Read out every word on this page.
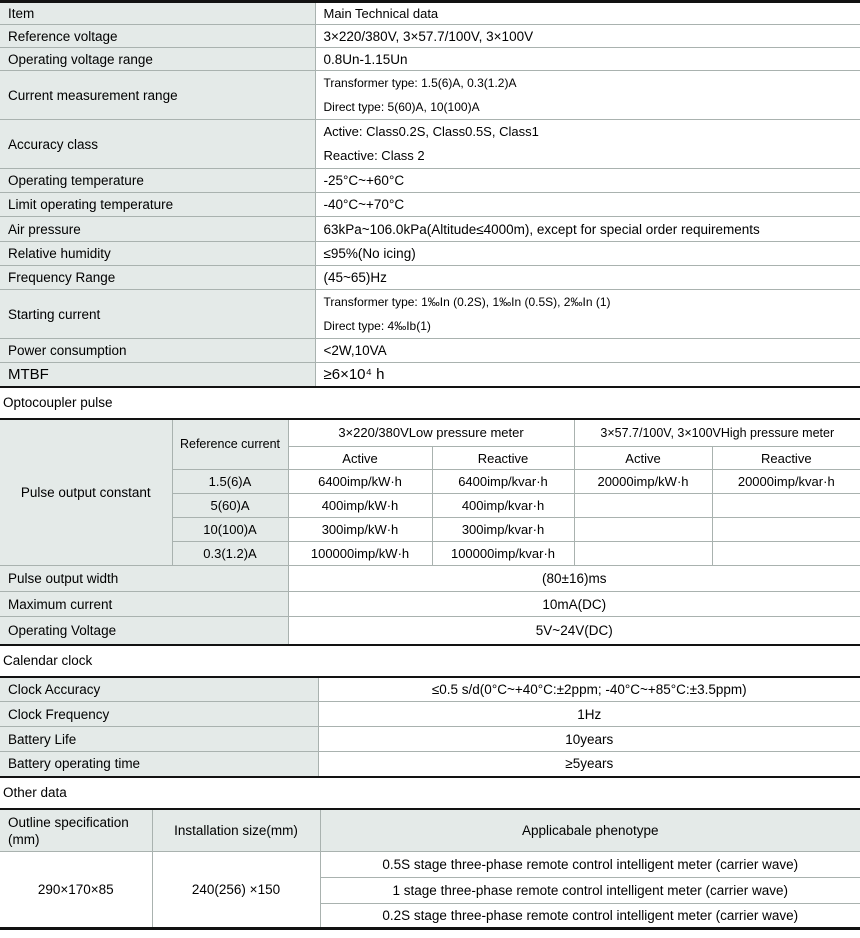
Item	Main Technical data
Reference voltage	3×220/380V, 3×57.7/100V, 3×100V
Operating voltage range	0.8Un-1.15Un
Current measurement range	Transformer type: 1.5(6)A, 0.3(1.2)A
Direct type: 5(60)A, 10(100)A

Accuracy class	Active: Class0.2S, Class0.5S, Class1
Reactive: Class 2

Operating temperature	-25°C~+60°C
Limit operating temperature	-40°C~+70°C
Air pressure	63kPa~106.0kPa(Altitude≤4000m), except for special order requirements
Relative humidity	≤95%(No icing)
Frequency Range	(45~65)Hz
Starting current	Transformer type: 1‰In (0.2S), 1‰In (0.5S), 2‰In (1)
Direct type: 4‰Ib(1)

Power consumption	<2W,10VA
MTBF	≥6×10⁴ h
Optocoupler pulse
Pulse output constant	Reference current	3×220/380VLow pressure meter		3×57.7/100V, 3×100VHigh pressure meter	
		Active	Reactive	Active	Reactive
	1.5(6)A	6400imp/kW·h	6400imp/kvar·h	20000imp/kW·h	20000imp/kvar·h
	5(60)A	400imp/kW·h	400imp/kvar·h		
	10(100)A	300imp/kW·h	300imp/kvar·h		
	0.3(1.2)A	100000imp/kW·h	100000imp/kvar·h		
Pulse output width		(80±16)ms			
Maximum current		10mA(DC)			
Operating Voltage		5V~24V(DC)			
Calendar clock
Clock Accuracy	≤0.5 s/d(0°C~+40°C:±2ppm; -40°C~+85°C:±3.5ppm)
Clock Frequency	1Hz
Battery Life	10years
Battery operating time	≥5years
Other data
Outline specification (mm)	Installation size(mm)	Applicabale phenotype
290×170×85	240(256) ×150	0.5S stage three-phase remote control intelligent meter (carrier wave)
		1 stage three-phase remote control intelligent meter (carrier wave)
		0.2S stage three-phase remote control intelligent meter (carrier wave)
